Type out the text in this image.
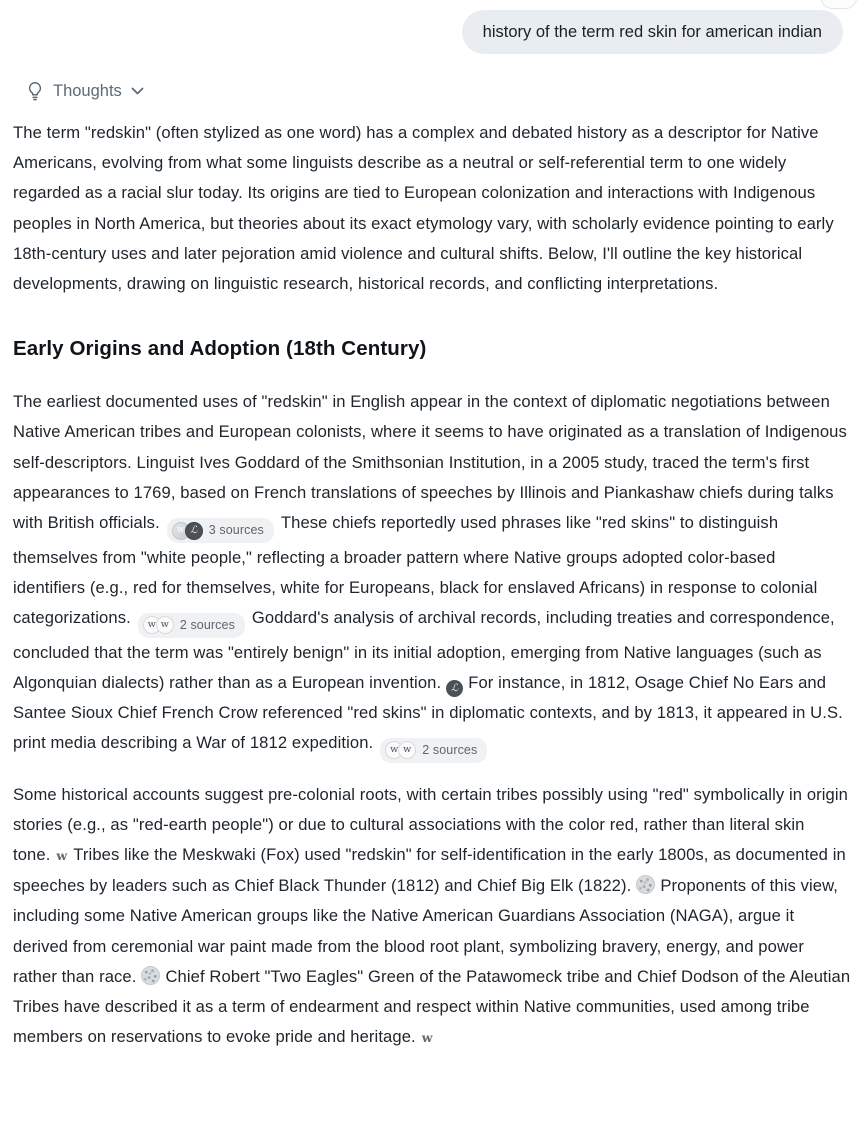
history of the term red skin for american indian
Thoughts

The term "redskin" (often stylized as one word) has a complex and debated history as a descriptor for Native Americans, evolving from what some linguists describe as a neutral or self-referential term to one widely regarded as a racial slur today. Its origins are tied to European colonization and interactions with Indigenous peoples in North America, but theories about its exact etymology vary, with scholarly evidence pointing to early 18th-century uses and later pejoration amid violence and cultural shifts. Below, I'll outline the key historical developments, drawing on linguistic research, historical records, and conflicting interpretations.

Early Origins and Adoption (18th Century)

The earliest documented uses of "redskin" in English appear in the context of diplomatic negotiations between Native American tribes and European colonists, where it seems to have originated as a translation of Indigenous self-descriptors. Linguist Ives Goddard of the Smithsonian Institution, in a 2005 study, traced the term's first appearances to 1769, based on French translations of speeches by Illinois and Piankashaw chiefs during talks with British officials.	w ℒ 3 sources These chiefs reportedly used phrases like "red skins" to distinguish themselves from "white people," reflecting a broader pattern where Native groups adopted color-based identifiers (e.g., red for themselves, white for Europeans, black for enslaved Africans) in response to colonial categorizations.	w w 2 sources Goddard's analysis of archival records, including treaties and correspondence, concluded that the term was "entirely benign" in its initial adoption, emerging from Native languages (such as Algonquian dialects) rather than as a European invention. ℒ For instance, in 1812, Osage Chief No Ears and Santee Sioux Chief French Crow referenced "red skins" in diplomatic contexts, and by 1813, it appeared in U.S. print media describing a War of 1812 expedition.	w w 2 sources

Some historical accounts suggest pre-colonial roots, with certain tribes possibly using "red" symbolically in origin stories (e.g., as "red-earth people") or due to cultural associations with the color red, rather than literal skin tone. w Tribes like the Meskwaki (Fox) used "redskin" for self-identification in the early 1800s, as documented in speeches by leaders such as Chief Black Thunder (1812) and Chief Big Elk (1822). Proponents of this view, including some Native American groups like the Native American Guardians Association (NAGA), argue it derived from ceremonial war paint made from the blood root plant, symbolizing bravery, energy, and power rather than race. Chief Robert "Two Eagles" Green of the Patawomeck tribe and Chief Dodson of the Aleutian Tribes have described it as a term of endearment and respect within Native communities, used among tribe members on reservations to evoke pride and heritage. w
